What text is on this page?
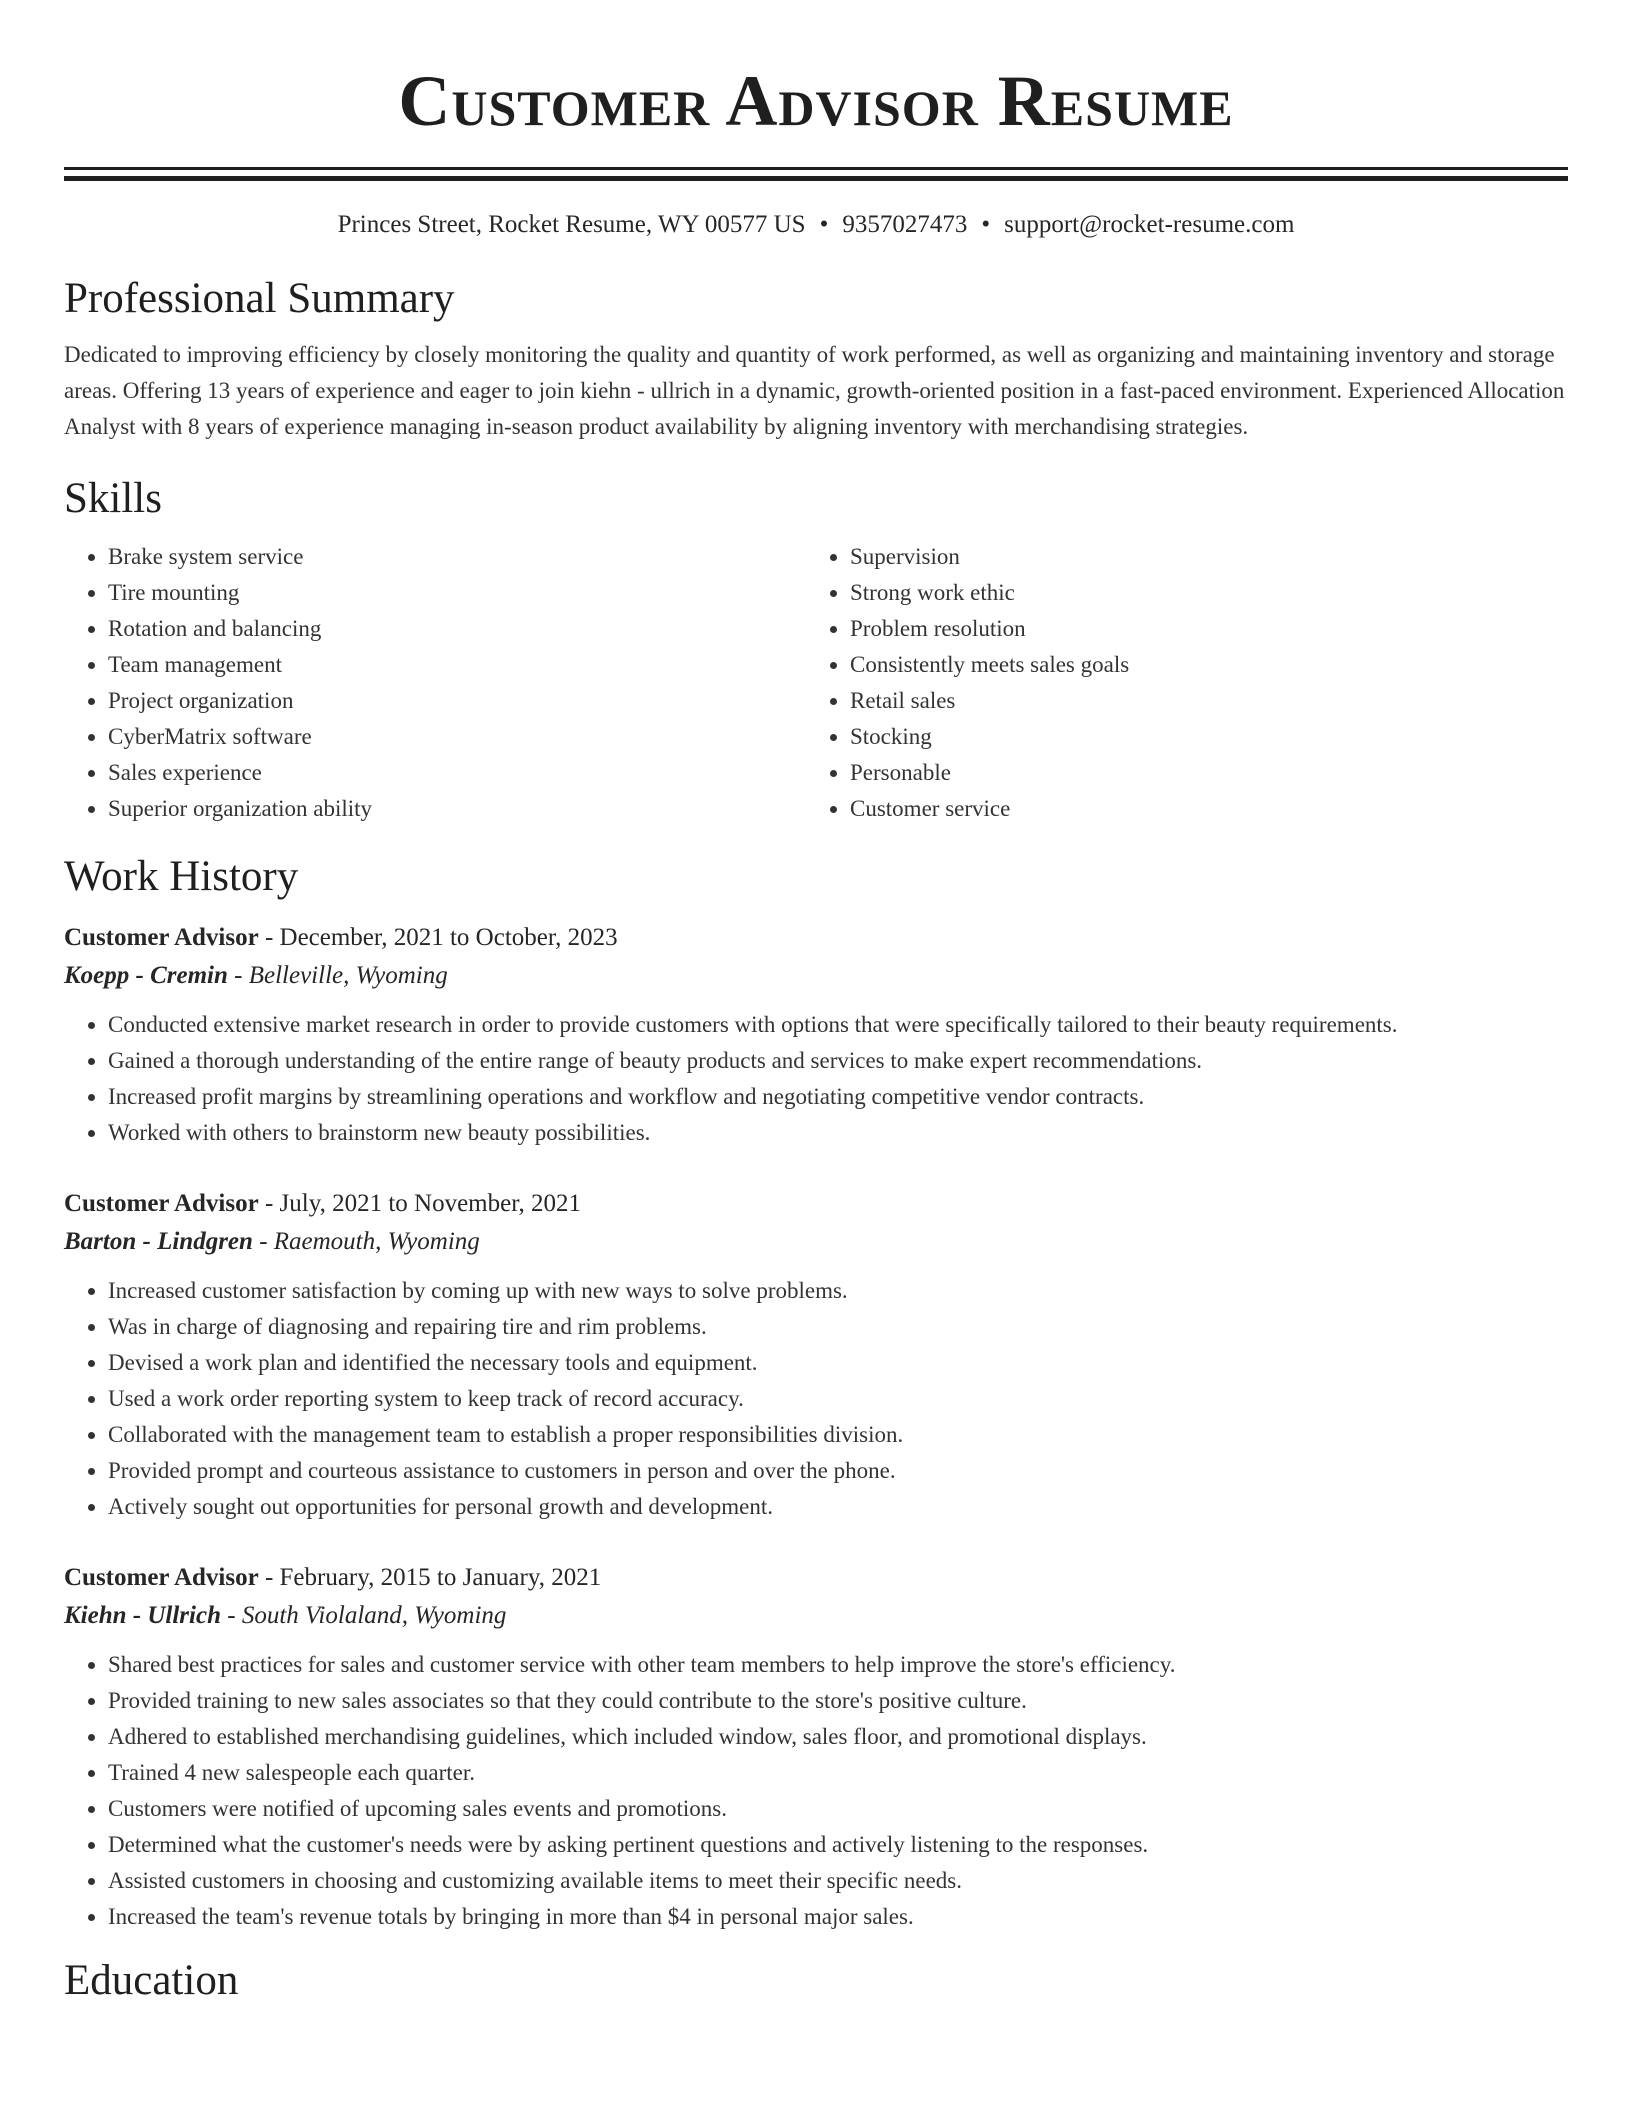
Customer Advisor Resume
Princes Street, Rocket Resume, WY 00577 US • 9357027473 • support@rocket-resume.com
Professional Summary

Dedicated to improving efficiency by closely monitoring the quality and quantity of work performed, as well as organizing and maintaining inventory and storage areas. Offering 13 years of experience and eager to join kiehn - ullrich in a dynamic, growth-oriented position in a fast-paced environment. Experienced Allocation Analyst with 8 years of experience managing in-season product availability by aligning inventory with merchandising strategies.

Skills
• Brake system service
• Tire mounting
• Rotation and balancing
• Team management
• Project organization
• CyberMatrix software
• Sales experience
• Superior organization ability
• Supervision
• Strong work ethic
• Problem resolution
• Consistently meets sales goals
• Retail sales
• Stocking
• Personable
• Customer service
Work History
Customer Advisor - December, 2021 to October, 2023
Koepp - Cremin - Belleville, Wyoming
• Conducted extensive market research in order to provide customers with options that were specifically tailored to their beauty requirements.
• Gained a thorough understanding of the entire range of beauty products and services to make expert recommendations.
• Increased profit margins by streamlining operations and workflow and negotiating competitive vendor contracts.
• Worked with others to brainstorm new beauty possibilities.
Customer Advisor - July, 2021 to November, 2021
Barton - Lindgren - Raemouth, Wyoming
• Increased customer satisfaction by coming up with new ways to solve problems.
• Was in charge of diagnosing and repairing tire and rim problems.
• Devised a work plan and identified the necessary tools and equipment.
• Used a work order reporting system to keep track of record accuracy.
• Collaborated with the management team to establish a proper responsibilities division.
• Provided prompt and courteous assistance to customers in person and over the phone.
• Actively sought out opportunities for personal growth and development.
Customer Advisor - February, 2015 to January, 2021
Kiehn - Ullrich - South Violaland, Wyoming
• Shared best practices for sales and customer service with other team members to help improve the store's efficiency.
• Provided training to new sales associates so that they could contribute to the store's positive culture.
• Adhered to established merchandising guidelines, which included window, sales floor, and promotional displays.
• Trained 4 new salespeople each quarter.
• Customers were notified of upcoming sales events and promotions.
• Determined what the customer's needs were by asking pertinent questions and actively listening to the responses.
• Assisted customers in choosing and customizing available items to meet their specific needs.
• Increased the team's revenue totals by bringing in more than $4 in personal major sales.
Education
